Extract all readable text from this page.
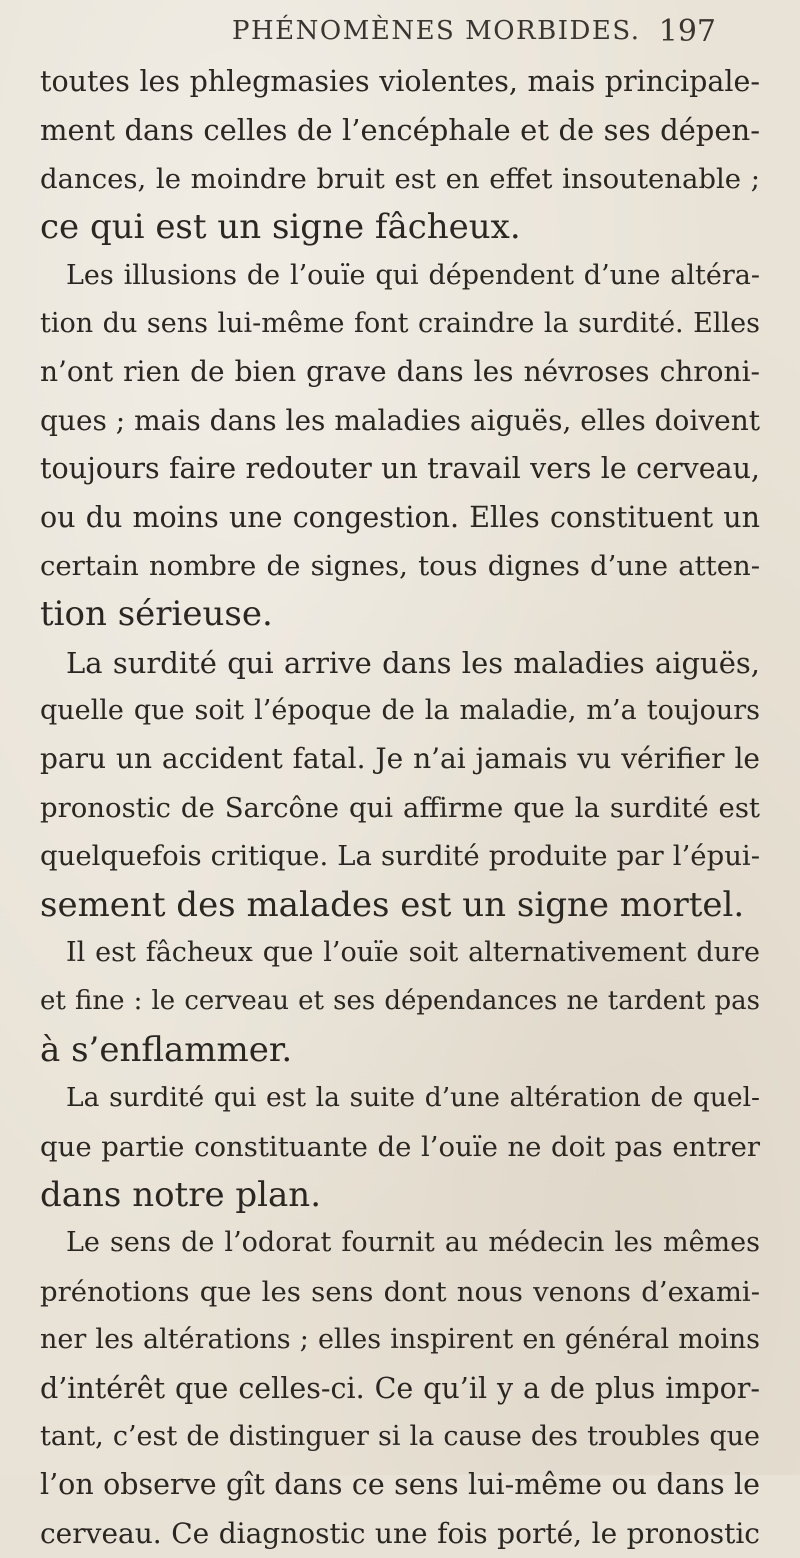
PHÉNOMÈNES MORBIDES. 197
toutes les phlegmasies violentes, mais principale-
ment dans celles de l’encéphale et de ses dépen-
dances, le moindre bruit est en effet insoutenable ;
ce qui est un signe fâcheux.
Les illusions de l’ouïe qui dépendent d’une altéra-
tion du sens lui-même font craindre la surdité. Elles
n’ont rien de bien grave dans les névroses chroni-
ques ; mais dans les maladies aiguës, elles doivent
toujours faire redouter un travail vers le cerveau,
ou du moins une congestion. Elles constituent un
certain nombre de signes, tous dignes d’une atten-
tion sérieuse.
La surdité qui arrive dans les maladies aiguës,
quelle que soit l’époque de la maladie, m’a toujours
paru un accident fatal. Je n’ai jamais vu vérifier le
pronostic de Sarcône qui affirme que la surdité est
quelquefois critique. La surdité produite par l’épui-
sement des malades est un signe mortel.
Il est fâcheux que l’ouïe soit alternativement dure
et fine : le cerveau et ses dépendances ne tardent pas
à s’enflammer.
La surdité qui est la suite d’une altération de quel-
que partie constituante de l’ouïe ne doit pas entrer
dans notre plan.
Le sens de l’odorat fournit au médecin les mêmes
prénotions que les sens dont nous venons d’exami-
ner les altérations ; elles inspirent en général moins
d’intérêt que celles-ci. Ce qu’il y a de plus impor-
tant, c’est de distinguer si la cause des troubles que
l’on observe gît dans ce sens lui-même ou dans le
cerveau. Ce diagnostic une fois porté, le pronostic
